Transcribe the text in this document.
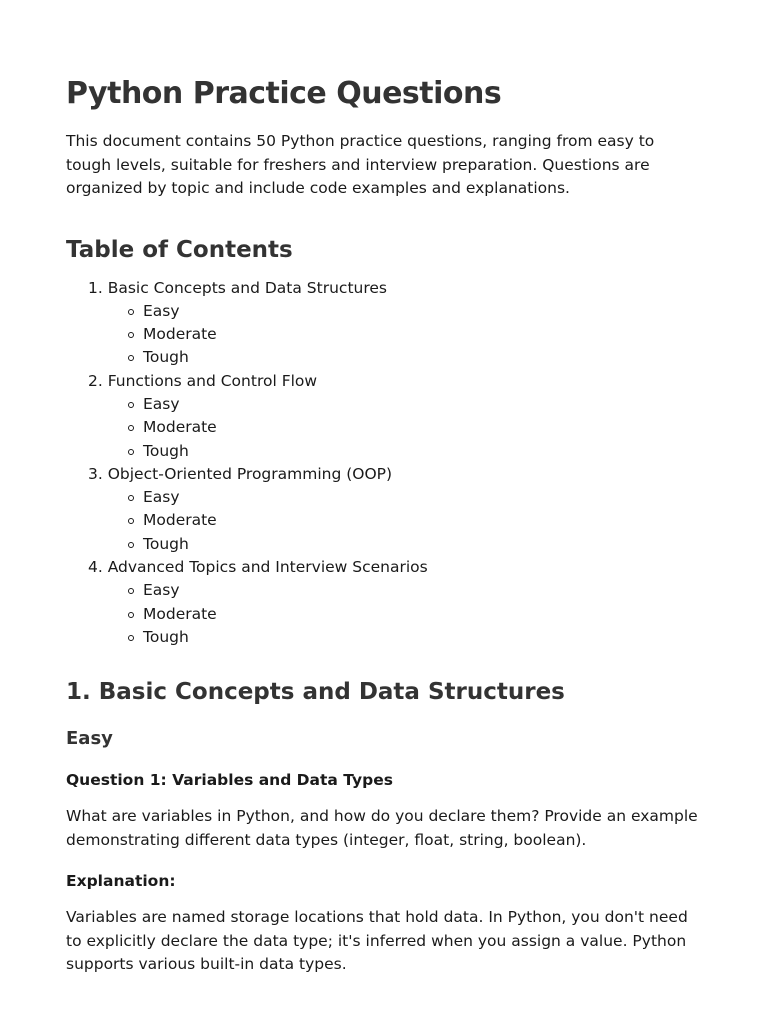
Python Practice Questions

This document contains 50 Python practice questions, ranging from easy to tough levels, suitable for freshers and interview preparation. Questions are organized by topic and include code examples and explanations.

Table of Contents
1. Basic Concepts and Data Structures
Easy
Moderate
Tough
2. Functions and Control Flow
Easy
Moderate
Tough
3. Object-Oriented Programming (OOP)
Easy
Moderate
Tough
4. Advanced Topics and Interview Scenarios
Easy
Moderate
Tough
1. Basic Concepts and Data Structures
Easy
Question 1: Variables and Data Types

What are variables in Python, and how do you declare them? Provide an example demonstrating different data types (integer, float, string, boolean).

Explanation:

Variables are named storage locations that hold data. In Python, you don't need to explicitly declare the data type; it's inferred when you assign a value. Python supports various built-in data types.
